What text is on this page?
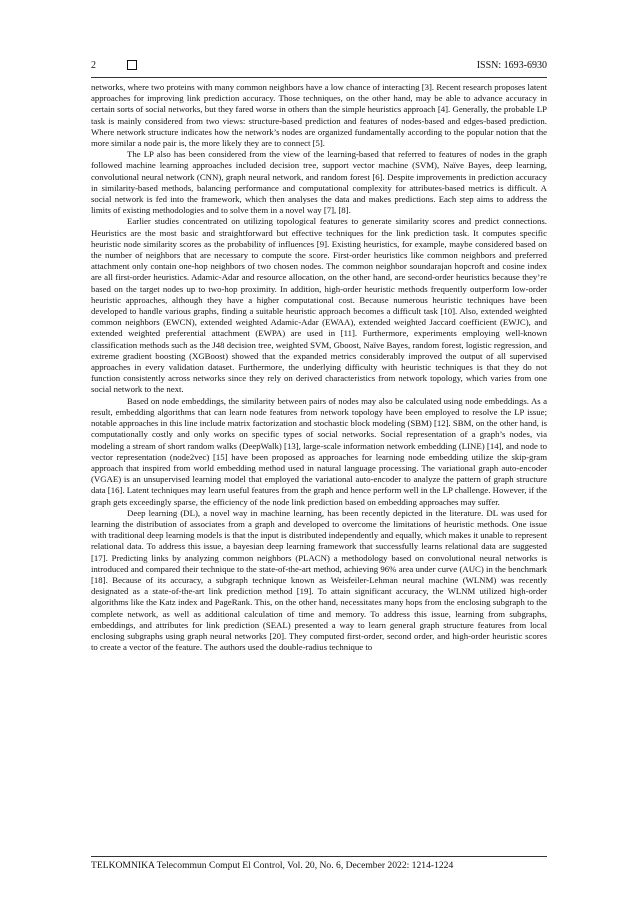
2	ISSN: 1693-6930

networks, where two proteins with many common neighbors have a low chance of interacting [3]. Recent research proposes latent approaches for improving link prediction accuracy. Those techniques, on the other hand, may be able to advance accuracy in certain sorts of social networks, but they fared worse in others than the simple heuristics approach [4]. Generally, the probable LP task is mainly considered from two views: structure-based prediction and features of nodes-based and edges-based prediction. Where network structure indicates how the network’s nodes are organized fundamentally according to the popular notion that the more similar a node pair is, the more likely they are to connect [5].

The LP also has been considered from the view of the learning-based that referred to features of nodes in the graph followed machine learning approaches included decision tree, support vector machine (SVM), Naïve Bayes, deep learning, convolutional neural network (CNN), graph neural network, and random forest [6]. Despite improvements in prediction accuracy in similarity-based methods, balancing performance and computational complexity for attributes-based metrics is difficult. A social network is fed into the framework, which then analyses the data and makes predictions. Each step aims to address the limits of existing methodologies and to solve them in a novel way [7], [8].

Earlier studies concentrated on utilizing topological features to generate similarity scores and predict connections. Heuristics are the most basic and straightforward but effective techniques for the link prediction task. It computes specific heuristic node similarity scores as the probability of influences [9]. Existing heuristics, for example, maybe considered based on the number of neighbors that are necessary to compute the score. First-order heuristics like common neighbors and preferred attachment only contain one-hop neighbors of two chosen nodes. The common neighbor soundarajan hopcroft and cosine index are all first-order heuristics. Adamic-Adar and resource allocation, on the other hand, are second-order heuristics because they’re based on the target nodes up to two-hop proximity. In addition, high-order heuristic methods frequently outperform low-order heuristic approaches, although they have a higher computational cost. Because numerous heuristic techniques have been developed to handle various graphs, finding a suitable heuristic approach becomes a difficult task [10]. Also, extended weighted common neighbors (EWCN), extended weighted Adamic-Adar (EWAA), extended weighted Jaccard coefficient (EWJC), and extended weighted preferential attachment (EWPA) are used in [11]. Furthermore, experiments employing well-known classification methods such as the J48 decision tree, weighted SVM, Gboost, Naïve Bayes, random forest, logistic regression, and extreme gradient boosting (XGBoost) showed that the expanded metrics considerably improved the output of all supervised approaches in every validation dataset. Furthermore, the underlying difficulty with heuristic techniques is that they do not function consistently across networks since they rely on derived characteristics from network topology, which varies from one social network to the next.

Based on node embeddings, the similarity between pairs of nodes may also be calculated using node embeddings. As a result, embedding algorithms that can learn node features from network topology have been employed to resolve the LP issue; notable approaches in this line include matrix factorization and stochastic block modeling (SBM) [12]. SBM, on the other hand, is computationally costly and only works on specific types of social networks. Social representation of a graph’s nodes, via modeling a stream of short random walks (DeepWalk) [13], large-scale information network embedding (LINE) [14], and node to vector representation (node2vec) [15] have been proposed as approaches for learning node embedding utilize the skip-gram approach that inspired from world embedding method used in natural language processing. The variational graph auto-encoder (VGAE) is an unsupervised learning model that employed the variational auto-encoder to analyze the pattern of graph structure data [16]. Latent techniques may learn useful features from the graph and hence perform well in the LP challenge. However, if the graph gets exceedingly sparse, the efficiency of the node link prediction based on embedding approaches may suffer.

Deep learning (DL), a novel way in machine learning, has been recently depicted in the literature. DL was used for learning the distribution of associates from a graph and developed to overcome the limitations of heuristic methods. One issue with traditional deep learning models is that the input is distributed independently and equally, which makes it unable to represent relational data. To address this issue, a bayesian deep learning framework that successfully learns relational data are suggested [17]. Predicting links by analyzing common neighbors (PLACN) a methodology based on convolutional neural networks is introduced and compared their technique to the state-of-the-art method, achieving 96% area under curve (AUC) in the benchmark [18]. Because of its accuracy, a subgraph technique known as Weisfeiler-Lehman neural machine (WLNM) was recently designated as a state-of-the-art link prediction method [19]. To attain significant accuracy, the WLNM utilized high-order algorithms like the Katz index and PageRank. This, on the other hand, necessitates many hops from the enclosing subgraph to the complete network, as well as additional calculation of time and memory. To address this issue, learning from subgraphs, embeddings, and attributes for link prediction (SEAL) presented a way to learn general graph structure features from local enclosing subgraphs using graph neural networks [20]. They computed first-order, second order, and high-order heuristic scores to create a vector of the feature. The authors used the double-radius technique to

TELKOMNIKA Telecommun Comput El Control, Vol. 20, No. 6, December 2022: 1214-1224
